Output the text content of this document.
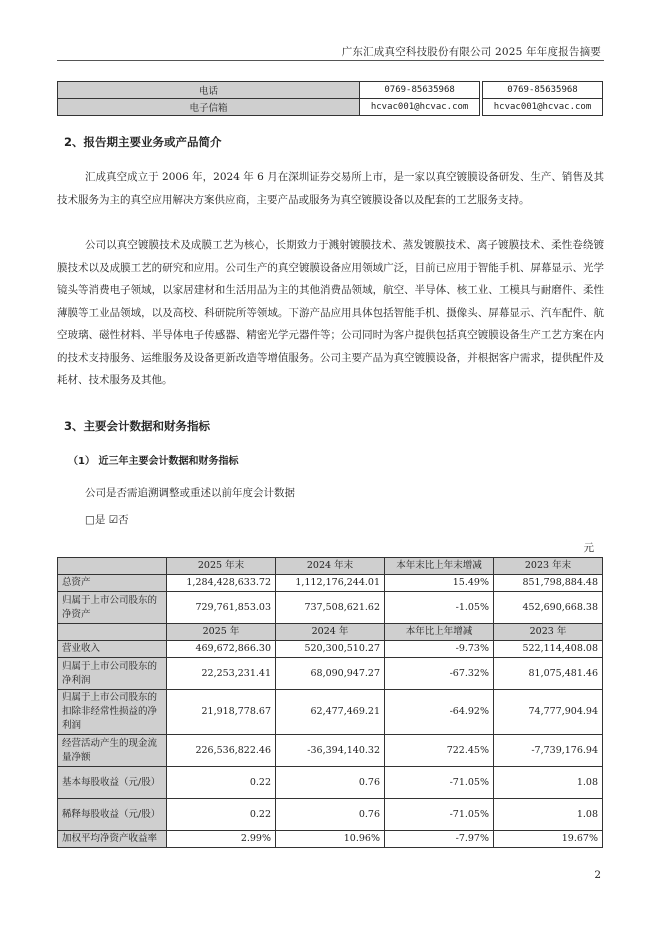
广东汇成真空科技股份有限公司 2025 年年度报告摘要
电话	0769-85635968		0769-85635968
电子信箱	hcvac001@hcvac.com		hcvac001@hcvac.com
2、报告期主要业务或产品简介

汇成真空成立于 2006 年，2024 年 6 月在深圳证券交易所上市，是一家以真空镀膜设备研发、生产、销售及其技术服务为主的真空应用解决方案供应商，主要产品或服务为真空镀膜设备以及配套的工艺服务支持。

公司以真空镀膜技术及成膜工艺为核心，长期致力于溅射镀膜技术、蒸发镀膜技术、离子镀膜技术、柔性卷绕镀膜技术以及成膜工艺的研究和应用。公司生产的真空镀膜设备应用领域广泛，目前已应用于智能手机、屏幕显示、光学镜头等消费电子领域，以家居建材和生活用品为主的其他消费品领域，航空、半导体、核工业、工模具与耐磨件、柔性薄膜等工业品领域，以及高校、科研院所等领域。下游产品应用具体包括智能手机、摄像头、屏幕显示、汽车配件、航空玻璃、磁性材料、半导体电子传感器、精密光学元器件等；公司同时为客户提供包括真空镀膜设备生产工艺方案在内的技术支持服务、运维服务及设备更新改造等增值服务。公司主要产品为真空镀膜设备，并根据客户需求，提供配件及耗材、技术服务及其他。

3、主要会计数据和财务指标
（1） 近三年主要会计数据和财务指标
公司是否需追溯调整或重述以前年度会计数据
□是 ☑否
元
	2025 年末	2024 年末	本年末比上年末增减	2023 年末
总资产	1,284,428,633.72	1,112,176,244.01	15.49%	851,798,884.48
归属于上市公司股东的净资产	729,761,853.03	737,508,621.62	-1.05%	452,690,668.38
	2025 年	2024 年	本年比上年增减	2023 年
营业收入	469,672,866.30	520,300,510.27	-9.73%	522,114,408.08
归属于上市公司股东的净利润	22,253,231.41	68,090,947.27	-67.32%	81,075,481.46
归属于上市公司股东的扣除非经常性损益的净利润	21,918,778.67	62,477,469.21	-64.92%	74,777,904.94
经营活动产生的现金流量净额	226,536,822.46	-36,394,140.32	722.45%	-7,739,176.94
基本每股收益（元/股）	0.22	0.76	-71.05%	1.08
稀释每股收益（元/股）	0.22	0.76	-71.05%	1.08
加权平均净资产收益率	2.99%	10.96%	-7.97%	19.67%
2
